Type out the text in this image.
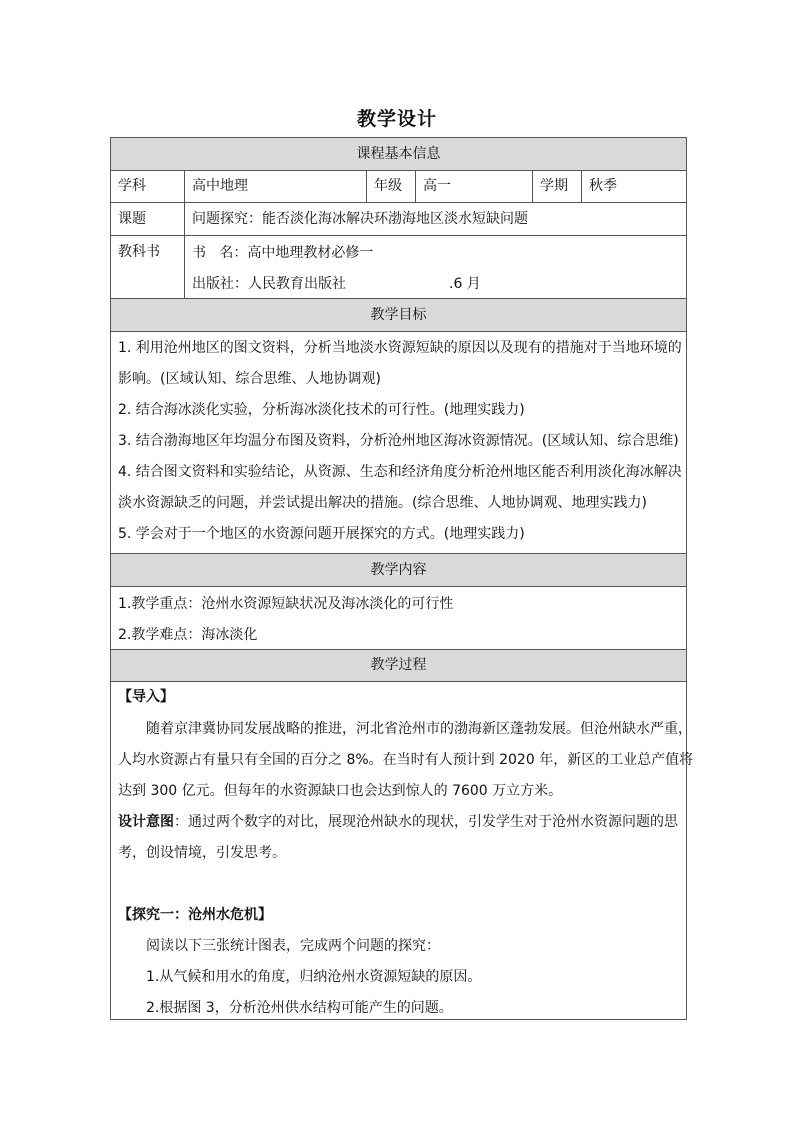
教学设计
课程基本信息
学科	高中地理	年级	高一	学期	秋季
课题	问题探究：能否淡化海冰解决环渤海地区淡水短缺问题
教科书	书   名：高中地理教材必修一
出版社：人民教育出版社	.6 月
教学目标
1. 利用沧州地区的图文资料，分析当地淡水资源短缺的原因以及现有的措施对于当地环境的
影响。(区域认知、综合思维、人地协调观)
2. 结合海冰淡化实验，分析海冰淡化技术的可行性。(地理实践力)
3. 结合渤海地区年均温分布图及资料，分析沧州地区海冰资源情况。(区域认知、综合思维)
4. 结合图文资料和实验结论，从资源、生态和经济角度分析沧州地区能否利用淡化海冰解决
淡水资源缺乏的问题，并尝试提出解决的措施。(综合思维、人地协调观、地理实践力)
5. 学会对于一个地区的水资源问题开展探究的方式。(地理实践力)
教学内容
1.教学重点：沧州水资源短缺状况及海冰淡化的可行性
2.教学难点：海冰淡化
教学过程
【导入】
随着京津冀协同发展战略的推进，河北省沧州市的渤海新区蓬勃发展。但沧州缺水严重，
人均水资源占有量只有全国的百分之 8%。在当时有人预计到 2020 年，新区的工业总产值将
达到 300 亿元。但每年的水资源缺口也会达到惊人的 7600 万立方米。
设计意图：通过两个数字的对比，展现沧州缺水的现状，引发学生对于沧州水资源问题的思
考，创设情境，引发思考。
【探究一：沧州水危机】
阅读以下三张统计图表，完成两个问题的探究：
1.从气候和用水的角度，归纳沧州水资源短缺的原因。
2.根据图 3，分析沧州供水结构可能产生的问题。
